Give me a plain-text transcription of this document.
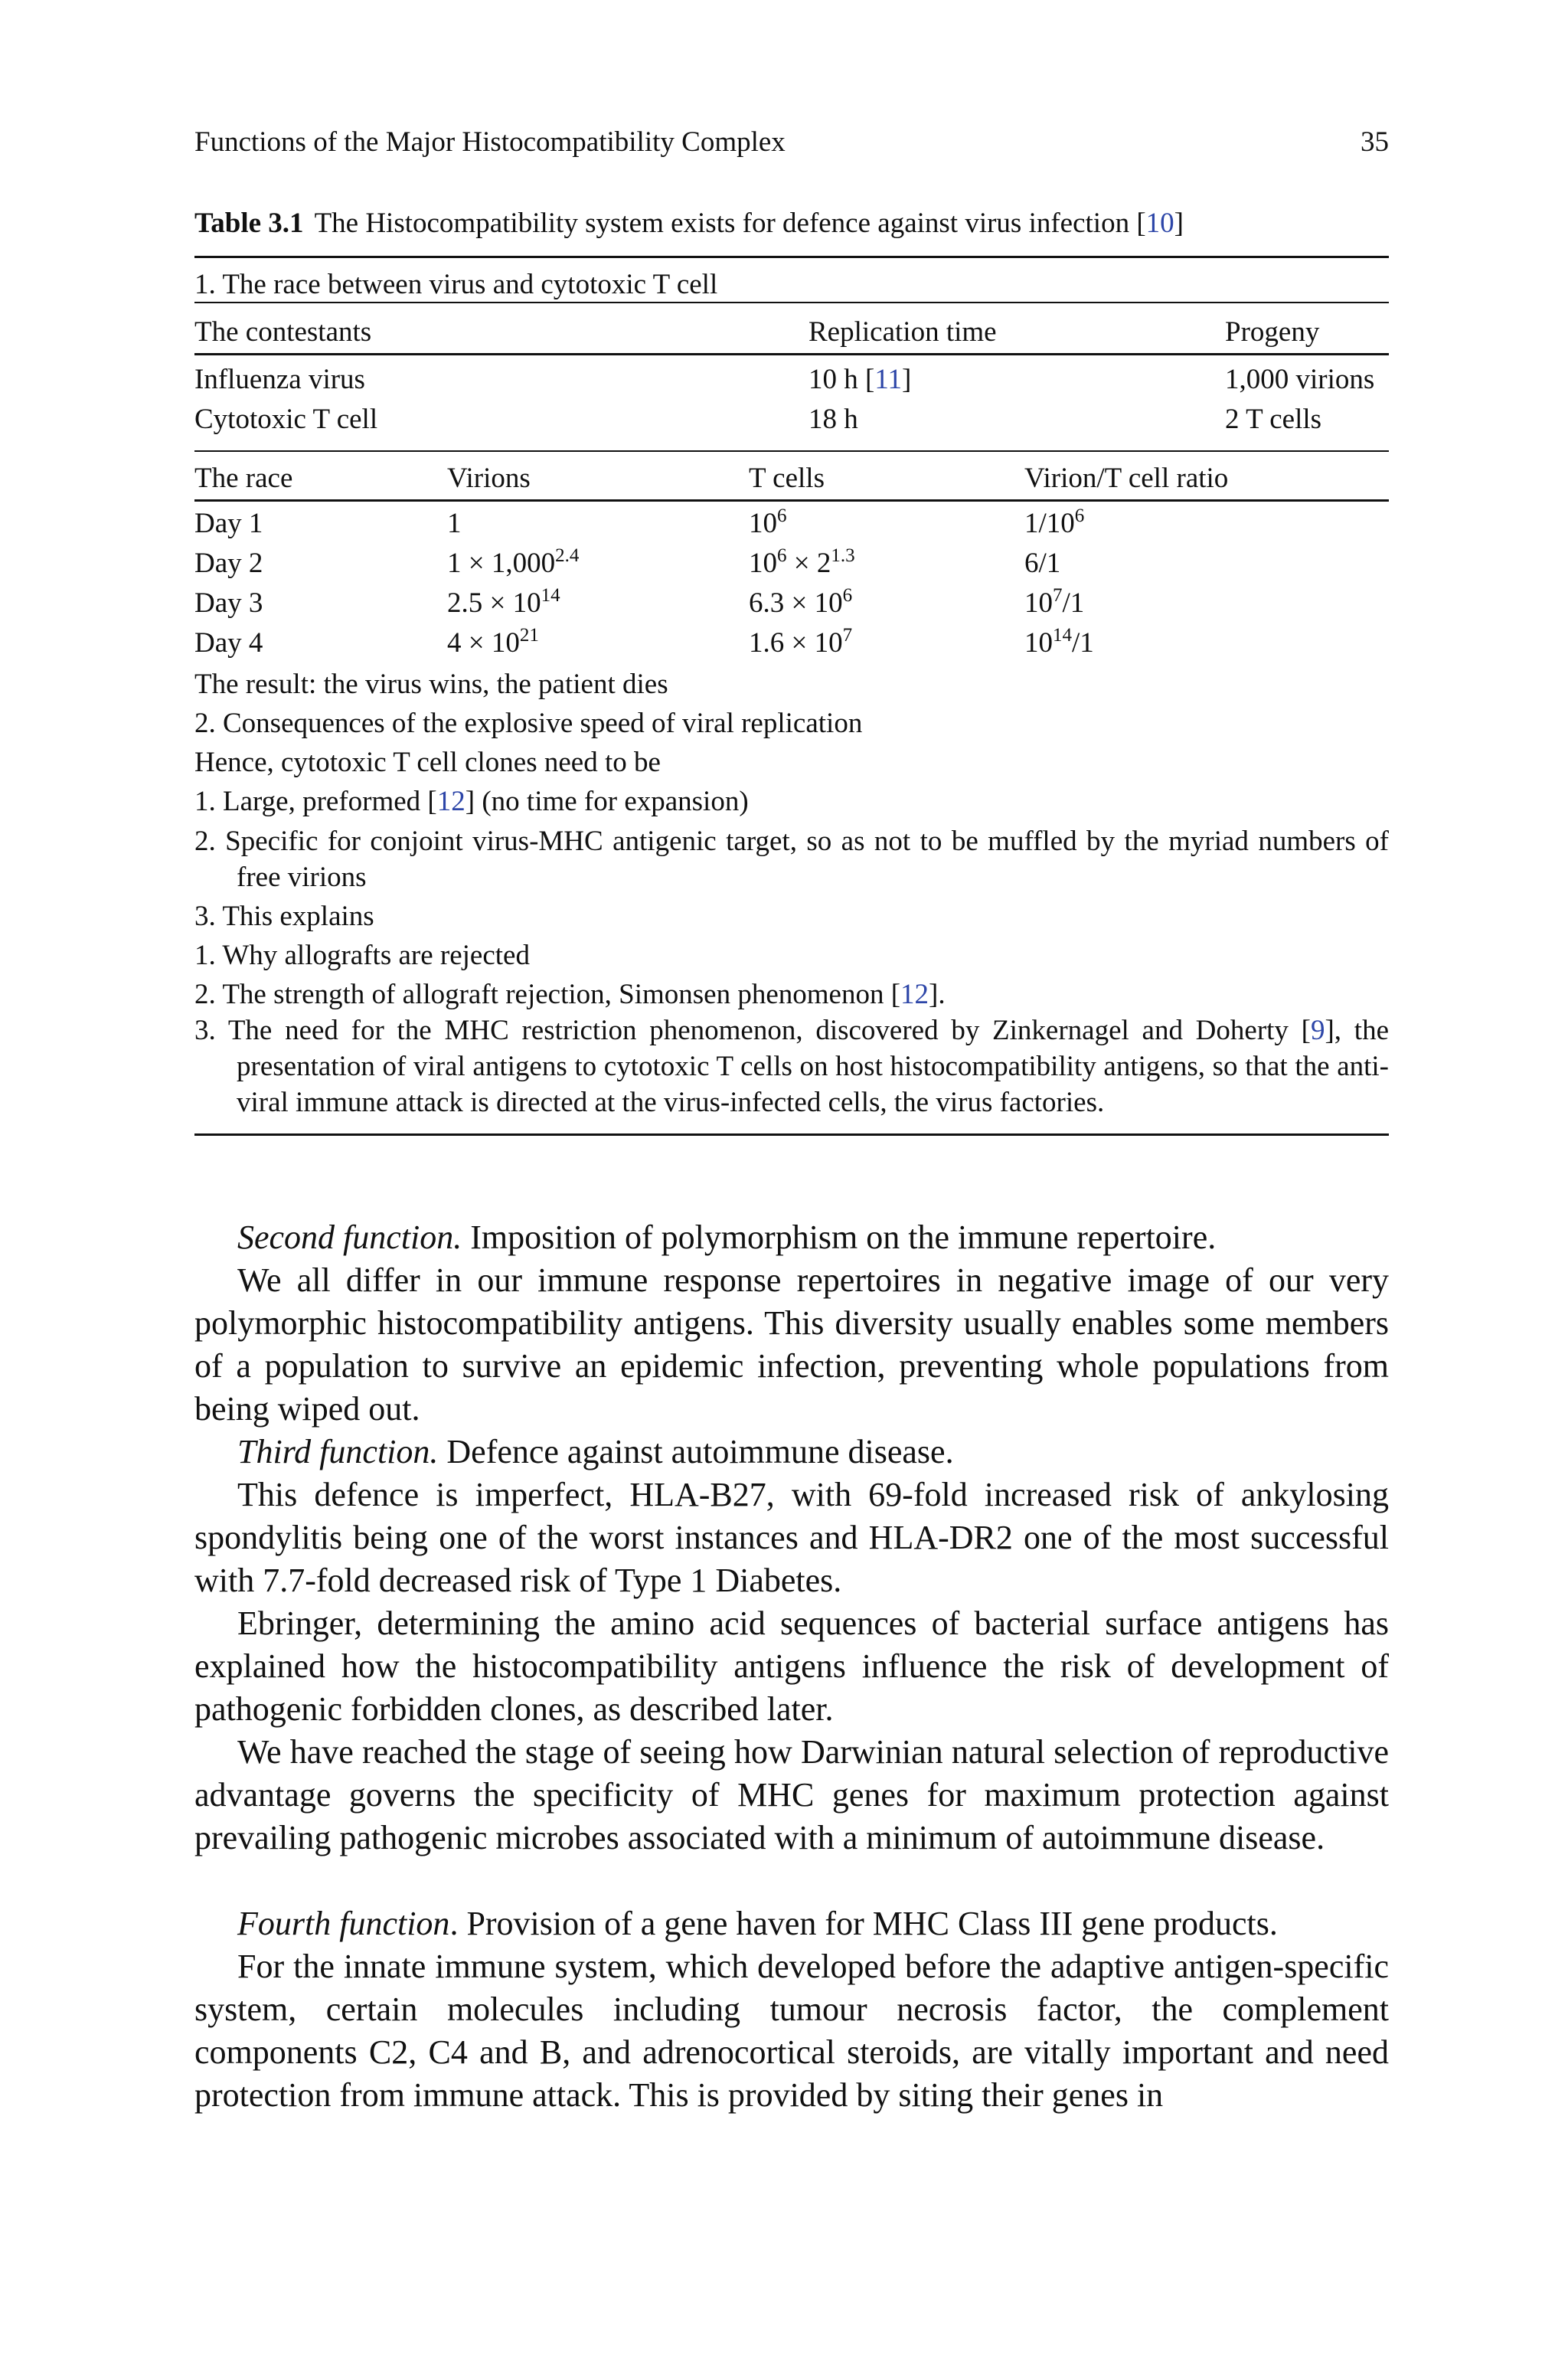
Functions of the Major Histocompatibility Complex	35
Table 3.1 The Histocompatibility system exists for defence against virus infection [10]
1. The race between virus and cytotoxic T cell
The contestants	Replication time	Progeny
Influenza virus	10 h [11]	1,000 virions
Cytotoxic T cell	18 h	2 T cells
The race	Virions	T cells	Virion/T cell ratio
Day 1	1	$10^6$	$1/10^6$
Day 2	$1 \times 1,000^{2.4}$	$10^6 \times 2^{1.3}$	6/1
Day 3	$2.5 \times 10^{14}$	$6.3 \times 10^6$	$10^7/1$
Day 4	$4 \times 10^{21}$	$1.6 \times 10^7$	$10^{14}/1$
The result: the virus wins, the patient dies
2. Consequences of the explosive speed of viral replication
Hence, cytotoxic T cell clones need to be
1. Large, preformed [12] (no time for expansion)
2. Specific for conjoint virus-MHC antigenic target, so as not to be muffled by the myriad numbers of free virions
3. This explains
1. Why allografts are rejected
2. The strength of allograft rejection, Simonsen phenomenon [12].
3. The need for the MHC restriction phenomenon, discovered by Zinkernagel and Doherty [9], the presentation of viral antigens to cytotoxic T cells on host histocompatibility antigens, so that the anti-viral immune attack is directed at the virus-infected cells, the virus factories.

Second function. Imposition of polymorphism on the immune repertoire.

We all differ in our immune response repertoires in negative image of our very polymorphic histocompatibility antigens. This diversity usually enables some members of a population to survive an epidemic infection, preventing whole populations from being wiped out.

Third function. Defence against autoimmune disease.

This defence is imperfect, HLA-B27, with 69-fold increased risk of ankylosing spondylitis being one of the worst instances and HLA-DR2 one of the most successful with 7.7-fold decreased risk of Type 1 Diabetes.

Ebringer, determining the amino acid sequences of bacterial surface antigens has explained how the histocompatibility antigens influence the risk of development of pathogenic forbidden clones, as described later.

We have reached the stage of seeing how Darwinian natural selection of reproductive advantage governs the specificity of MHC genes for maximum protection against prevailing pathogenic microbes associated with a minimum of autoimmune disease.

Fourth function. Provision of a gene haven for MHC Class III gene products.

For the innate immune system, which developed before the adaptive antigen-specific system, certain molecules including tumour necrosis factor, the complement components C2, C4 and B, and adrenocortical steroids, are vitally important and need protection from immune attack. This is provided by siting their genes in
